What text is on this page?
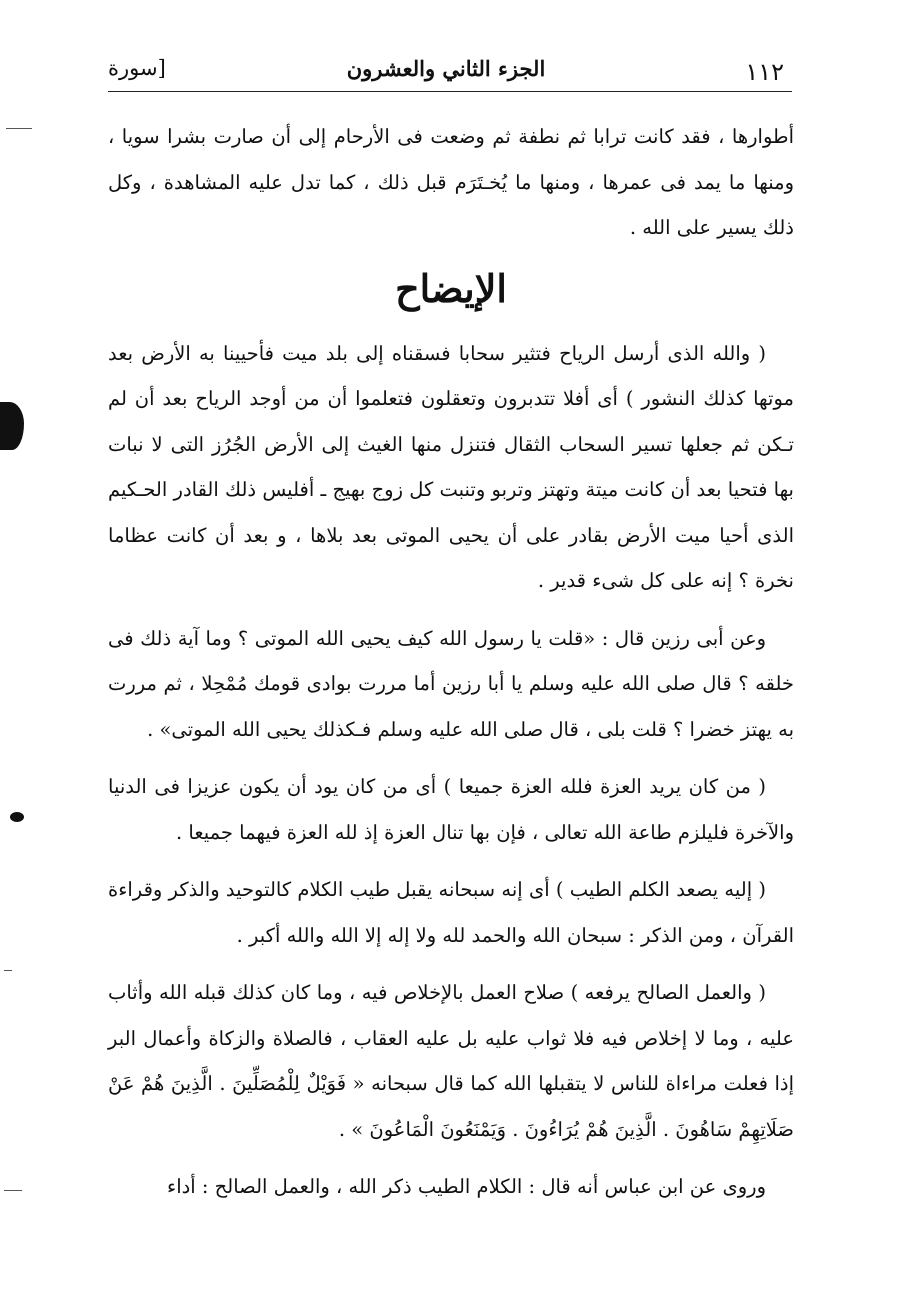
١١٢
الجزء الثاني والعشرون
[سورة

أطوارها ، فقد كانت ترابا ثم نطفة ثم وضعت فى الأرحام إلى أن صارت بشرا سويا ، ومنها ما يمد فى عمرها ، ومنها ما يُخـتَرَم قبل ذلك ، كما تدل عليه المشاهدة ، وكل ذلك يسير على الله .

الإيضاح

( والله الذى أرسل الرياح فتثير سحابا فسقناه إلى بلد ميت فأحيينا به الأرض بعد موتها كذلك النشور ) أى أفلا تتدبرون وتعقلون فتعلموا أن من أوجد الرياح بعد أن لم تـكن ثم جعلها تسير السحاب الثقال فتنزل منها الغيث إلى الأرض الجُرُز التى لا نبات بها فتحيا بعد أن كانت ميتة وتهتز وتربو وتنبت كل زوج بهيج ـ أفليس ذلك القادر الحـكيم الذى أحيا ميت الأرض بقادر على أن يحيى الموتى بعد بلاها ، و بعد أن كانت عظاما نخرة ؟ إنه على كل شىء قدير .

وعن أبى رزين قال : «قلت يا رسول الله كيف يحيى الله الموتى ؟ وما آية ذلك فى خلقه ؟ قال صلى الله عليه وسلم يا أبا رزين أما مررت بوادى قومك مُمْحِلا ، ثم مررت به يهتز خضرا ؟ قلت بلى ، قال صلى الله عليه وسلم فـكذلك يحيى الله الموتى» .

( من كان يريد العزة فلله العزة جميعا ) أى من كان يود أن يكون عزيزا فى الدنيا والآخرة فليلزم طاعة الله تعالى ، فإن بها تنال العزة إذ لله العزة فيهما جميعا .

( إليه يصعد الكلم الطيب ) أى إنه سبحانه يقبل طيب الكلام كالتوحيد والذكر وقراءة القرآن ، ومن الذكر : سبحان الله والحمد لله ولا إله إلا الله والله أكبر .

( والعمل الصالح يرفعه ) صلاح العمل بالإخلاص فيه ، وما كان كذلك قبله الله وأثاب عليه ، وما لا إخلاص فيه فلا ثواب عليه بل عليه العقاب ، فالصلاة والزكاة وأعمال البر إذا فعلت مراءاة للناس لا يتقبلها الله كما قال سبحانه « فَوَيْلٌ لِلْمُصَلِّينَ . الَّذِينَ هُمْ عَنْ صَلَاتِهِمْ سَاهُونَ . الَّذِينَ هُمْ يُرَاءُونَ . وَيَمْنَعُونَ الْمَاعُونَ » .

وروى عن ابن عباس أنه قال : الكلام الطيب ذكر الله ، والعمل الصالح : أداء
